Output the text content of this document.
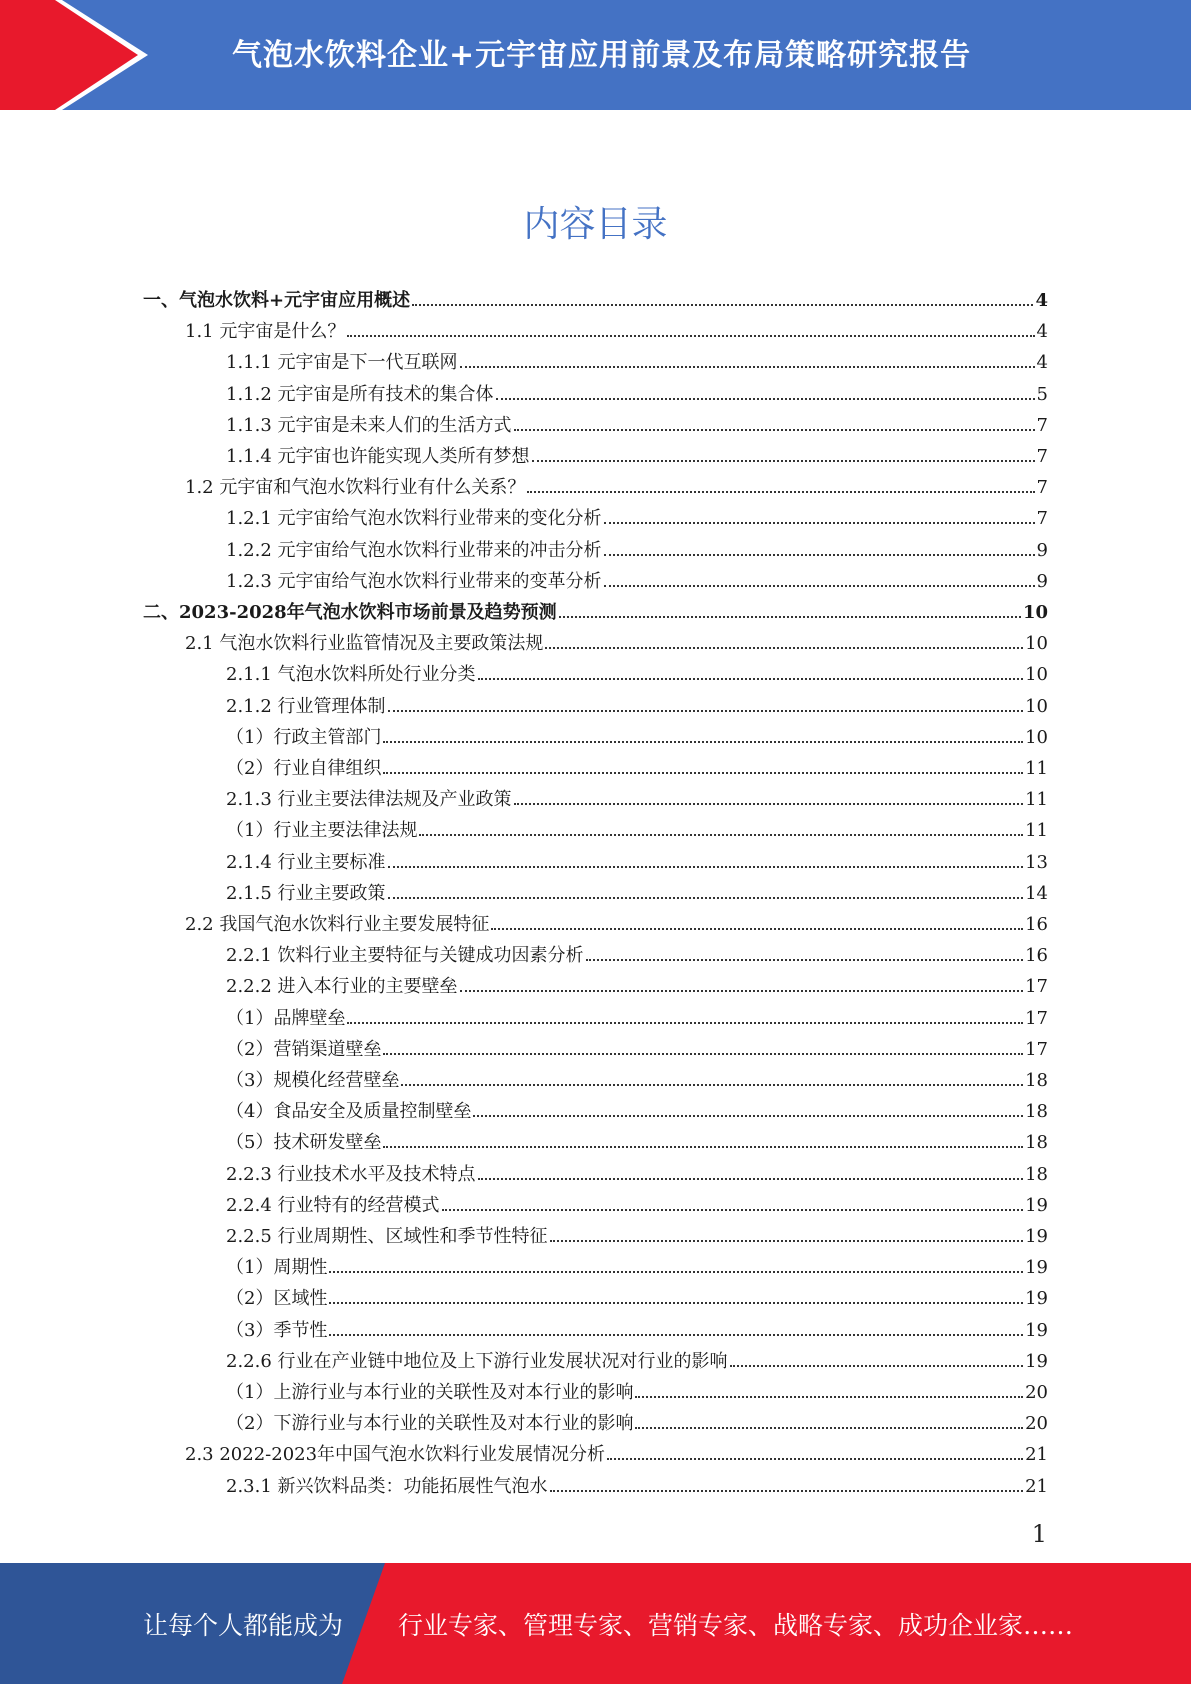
气泡水饮料企业+元宇宙应用前景及布局策略研究报告
内容目录
一、气泡水饮料+元宇宙应用概述	4
1.1 元宇宙是什么？	4
1.1.1 元宇宙是下一代互联网	4
1.1.2 元宇宙是所有技术的集合体	5
1.1.3 元宇宙是未来人们的生活方式	7
1.1.4 元宇宙也许能实现人类所有梦想	7
1.2 元宇宙和气泡水饮料行业有什么关系？	7
1.2.1 元宇宙给气泡水饮料行业带来的变化分析	7
1.2.2 元宇宙给气泡水饮料行业带来的冲击分析	9
1.2.3 元宇宙给气泡水饮料行业带来的变革分析	9
二、2023-2028年气泡水饮料市场前景及趋势预测	10
2.1 气泡水饮料行业监管情况及主要政策法规	10
2.1.1 气泡水饮料所处行业分类	10
2.1.2 行业管理体制	10
（1）行政主管部门	10
（2）行业自律组织	11
2.1.3 行业主要法律法规及产业政策	11
（1）行业主要法律法规	11
2.1.4 行业主要标准	13
2.1.5 行业主要政策	14
2.2 我国气泡水饮料行业主要发展特征	16
2.2.1 饮料行业主要特征与关键成功因素分析	16
2.2.2 进入本行业的主要壁垒	17
（1）品牌壁垒	17
（2）营销渠道壁垒	17
（3）规模化经营壁垒	18
（4）食品安全及质量控制壁垒	18
（5）技术研发壁垒	18
2.2.3 行业技术水平及技术特点	18
2.2.4 行业特有的经营模式	19
2.2.5 行业周期性、区域性和季节性特征	19
（1）周期性	19
（2）区域性	19
（3）季节性	19
2.2.6 行业在产业链中地位及上下游行业发展状况对行业的影响	19
（1）上游行业与本行业的关联性及对本行业的影响	20
（2）下游行业与本行业的关联性及对本行业的影响	20
2.3 2022-2023年中国气泡水饮料行业发展情况分析	21
2.3.1 新兴饮料品类：功能拓展性气泡水	21
1
让每个人都能成为 行业专家、管理专家、营销专家、战略专家、成功企业家……
